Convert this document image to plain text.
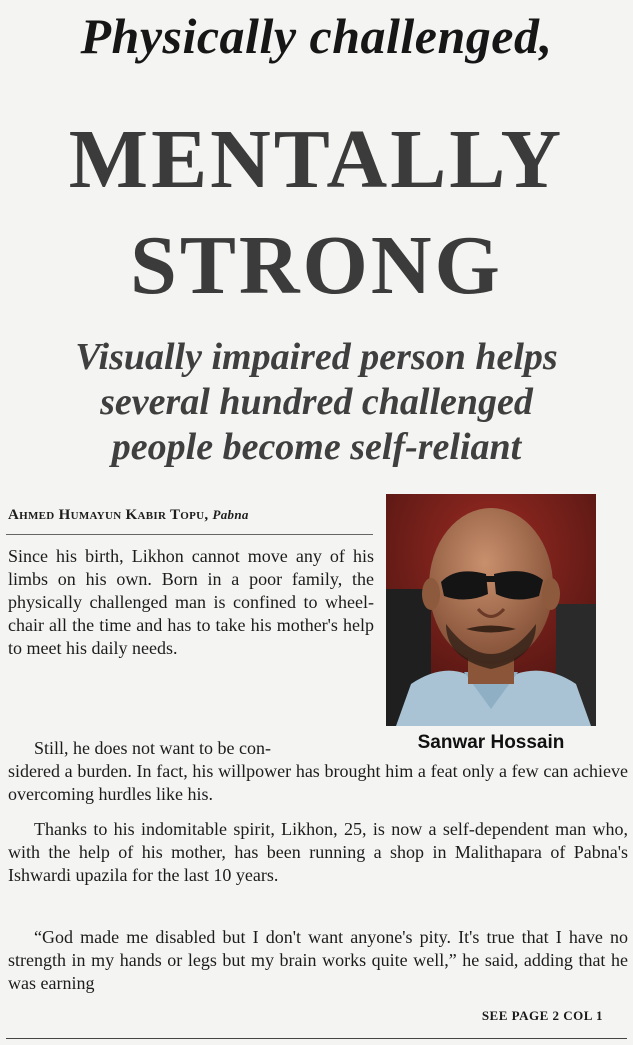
Physically challenged,
MENTALLY
STRONG
Visually impaired person helps
several hundred challenged
people become self-reliant
Ahmed Humayun Kabir Topu, Pabna
Sanwar Hossain
Since his birth, Likhon cannot move any of his limbs on his own. Born in a poor family, the physically challenged man is confined to wheelchair all the time and has to take his mother's help to meet his daily needs.
Still, he does not want to be con-
sidered a burden. In fact, his willpower has brought him a feat only a few can achieve overcoming hurdles like his.
Thanks to his indomitable spirit, Likhon, 25, is now a self-dependent man who, with the help of his mother, has been running a shop in Malithapara of Pabna's Ishwardi upazila for the last 10 years.
“God made me disabled but I don't want anyone's pity. It's true that I have no strength in my hands or legs but my brain works quite well,” he said, adding that he was earning
SEE PAGE 2 COL 1
